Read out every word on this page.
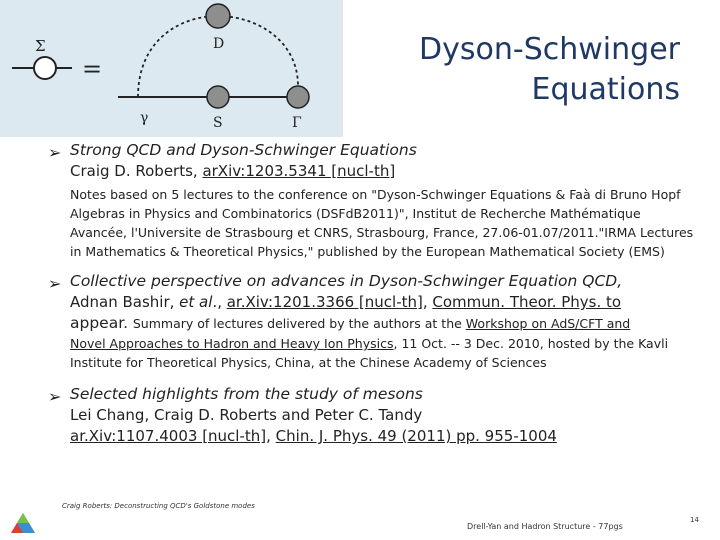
Σ
=
D
γ	S	Γ
Dyson-Schwinger
Equations
➢ Strong QCD and Dyson-Schwinger Equations
Craig D. Roberts, arXiv:1203.5341 [nucl-th]
Notes based on 5 lectures to the conference on "Dyson-Schwinger Equations & Faà di Bruno Hopf Algebras in Physics and Combinatorics (DSFdB2011)", Institut de Recherche Mathématique Avancée, l'Universite de Strasbourg et CNRS, Strasbourg, France, 27.06-01.07/2011."IRMA Lectures in Mathematics & Theoretical Physics," published by the European Mathematical Society (EMS)
➢ Collective perspective on advances in Dyson-Schwinger Equation QCD,
Adnan Bashir, et al., ar.Xiv:1201.3366 [nucl-th], Commun. Theor. Phys. to
appear. Summary of lectures delivered by the authors at the Workshop on AdS/CFT and
Novel Approaches to Hadron and Heavy Ion Physics, 11 Oct. -- 3 Dec. 2010, hosted by the Kavli Institute for Theoretical Physics, China, at the Chinese Academy of Sciences
➢ Selected highlights from the study of mesons
Lei Chang, Craig D. Roberts and Peter C. Tandy
ar.Xiv:1107.4003 [nucl-th], Chin. J. Phys. 49 (2011) pp. 955-1004
Craig Roberts: Deconstructing QCD's Goldstone modes
Drell-Yan and Hadron Structure - 77pgs
14
